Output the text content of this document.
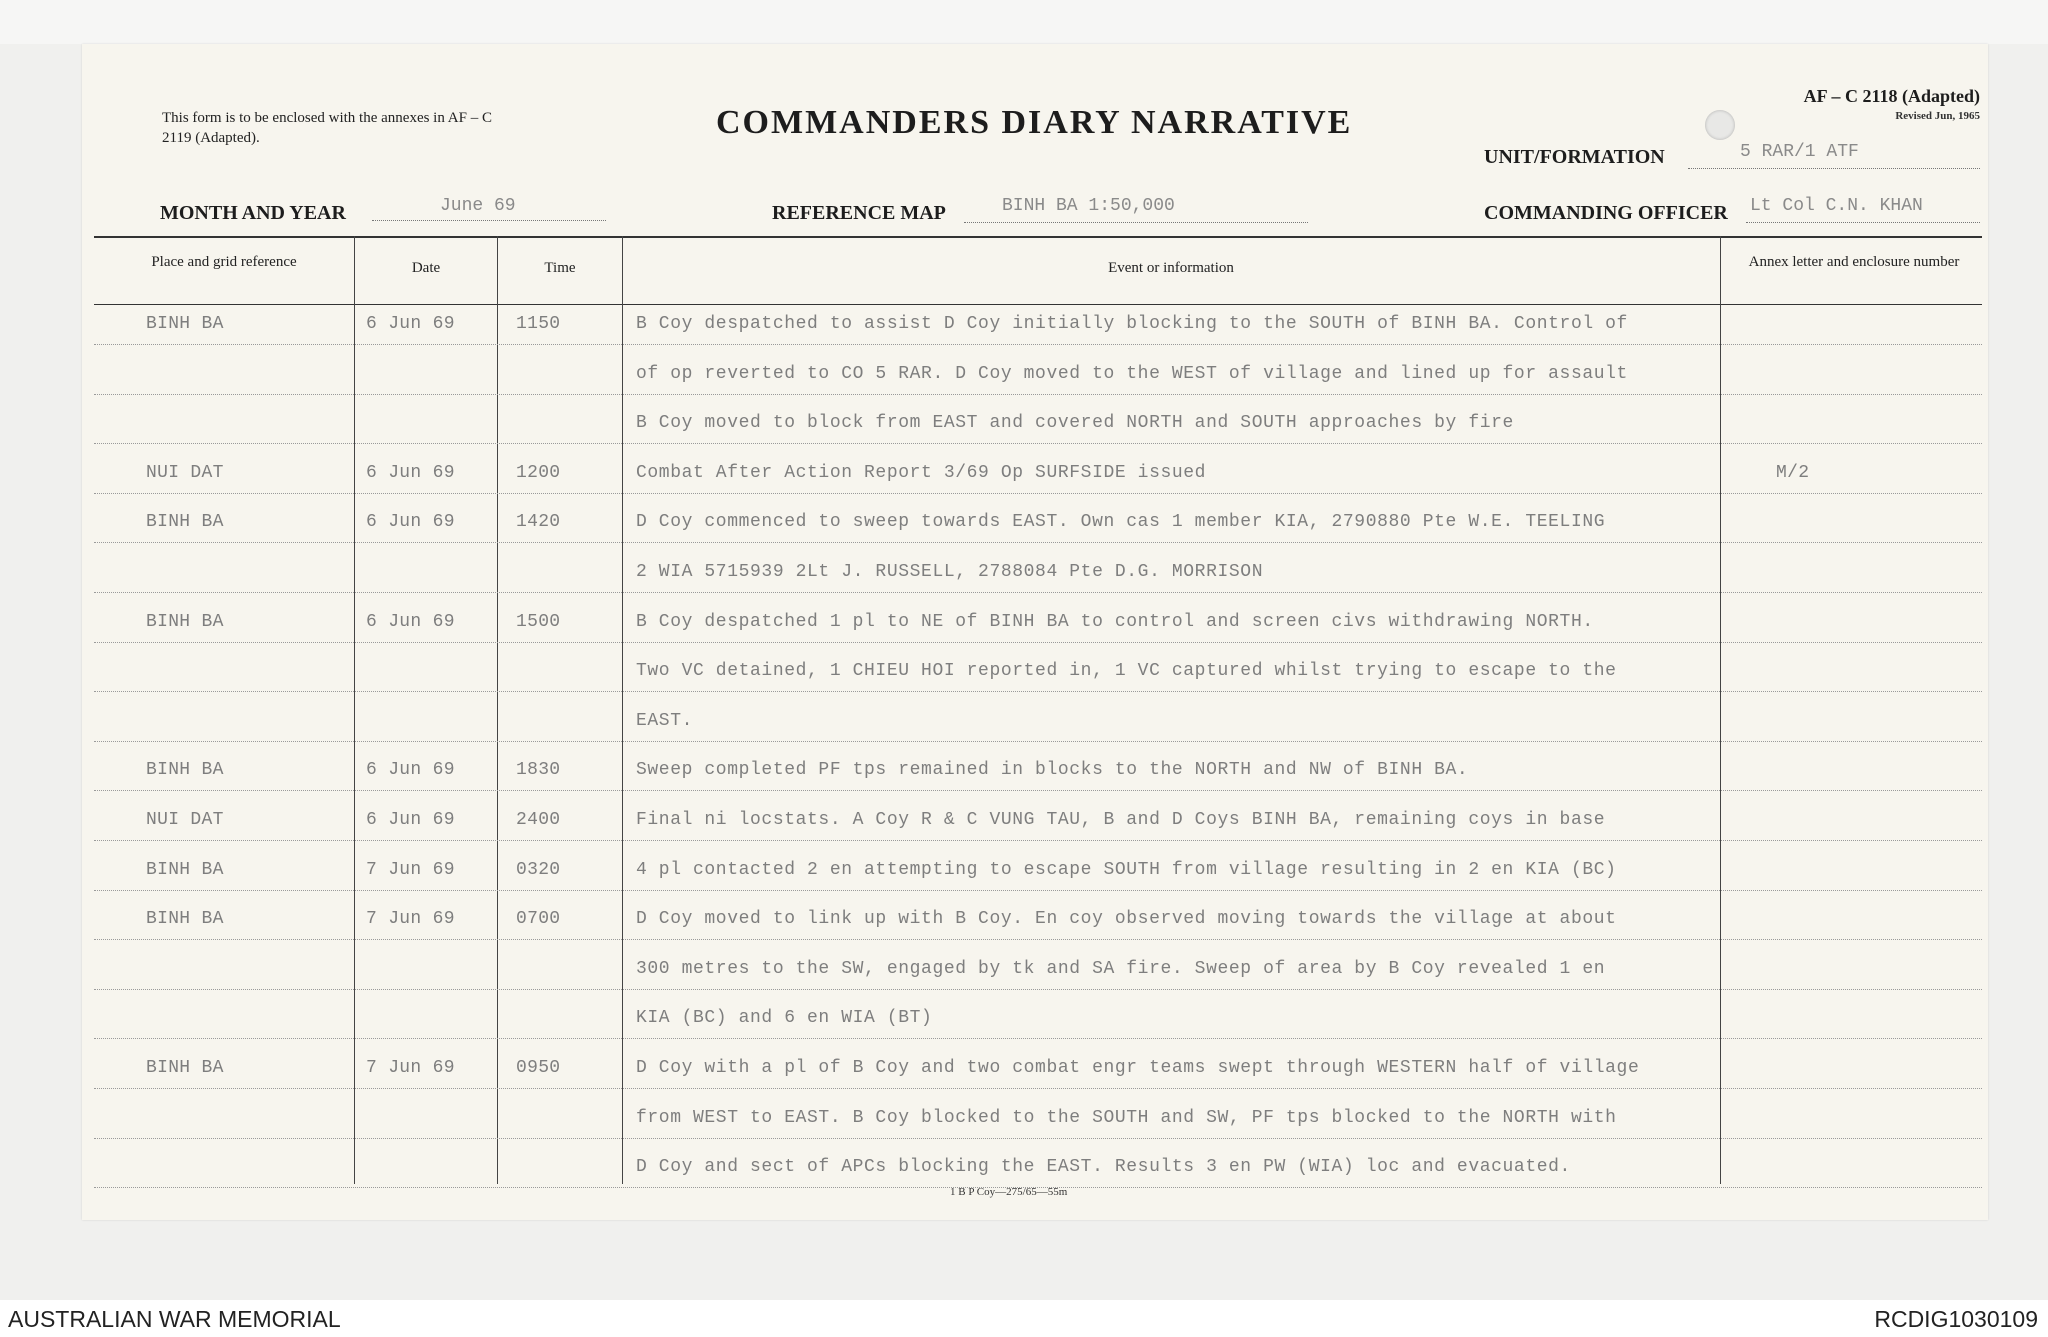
This form is to be enclosed with the annexes in AF – C 2119 (Adapted).	COMMANDERS DIARY NARRATIVE
AF – C 2118 (Adapted)
Revised Jun, 1965
UNIT/FORMATION	5 RAR/1 ATF
MONTH AND YEAR	June 69	REFERENCE MAP	BINH BA 1:50,000	COMMANDING OFFICER Lt Col C.N. KHAN
Place and grid reference	Date	Time	Event or information	Annex letter and enclosure number
BINH BA	6 Jun 69	1150	B Coy despatched to assist D Coy initially blocking to the SOUTH of BINH BA. Control of
of op reverted to CO 5 RAR. D Coy moved to the WEST of village and lined up for assault
B Coy moved to block from EAST and covered NORTH and SOUTH approaches by fire
NUI DAT	6 Jun 69	1200	Combat After Action Report 3/69 Op SURFSIDE issued	M/2
BINH BA	6 Jun 69	1420	D Coy commenced to sweep towards EAST. Own cas 1 member KIA, 2790880 Pte W.E. TEELING
2 WIA 5715939 2Lt J. RUSSELL, 2788084 Pte D.G. MORRISON
BINH BA	6 Jun 69	1500	B Coy despatched 1 pl to NE of BINH BA to control and screen civs withdrawing NORTH.
Two VC detained, 1 CHIEU HOI reported in, 1 VC captured whilst trying to escape to the
EAST.
BINH BA	6 Jun 69	1830	Sweep completed PF tps remained in blocks to the NORTH and NW of BINH BA.
NUI DAT	6 Jun 69	2400	Final ni locstats. A Coy R & C VUNG TAU, B and D Coys BINH BA, remaining coys in base
BINH BA	7 Jun 69	0320	4 pl contacted 2 en attempting to escape SOUTH from village resulting in 2 en KIA (BC)
BINH BA	7 Jun 69	0700	D Coy moved to link up with B Coy. En coy observed moving towards the village at about
300 metres to the SW, engaged by tk and SA fire. Sweep of area by B Coy revealed 1 en
KIA (BC) and 6 en WIA (BT)
BINH BA	7 Jun 69	0950	D Coy with a pl of B Coy and two combat engr teams swept through WESTERN half of village
from WEST to EAST. B Coy blocked to the SOUTH and SW, PF tps blocked to the NORTH with
D Coy and sect of APCs blocking the EAST. Results 3 en PW (WIA) loc and evacuated.
1 B P Coy—275/65—55m
AUSTRALIAN WAR MEMORIAL	RCDIG1030109
